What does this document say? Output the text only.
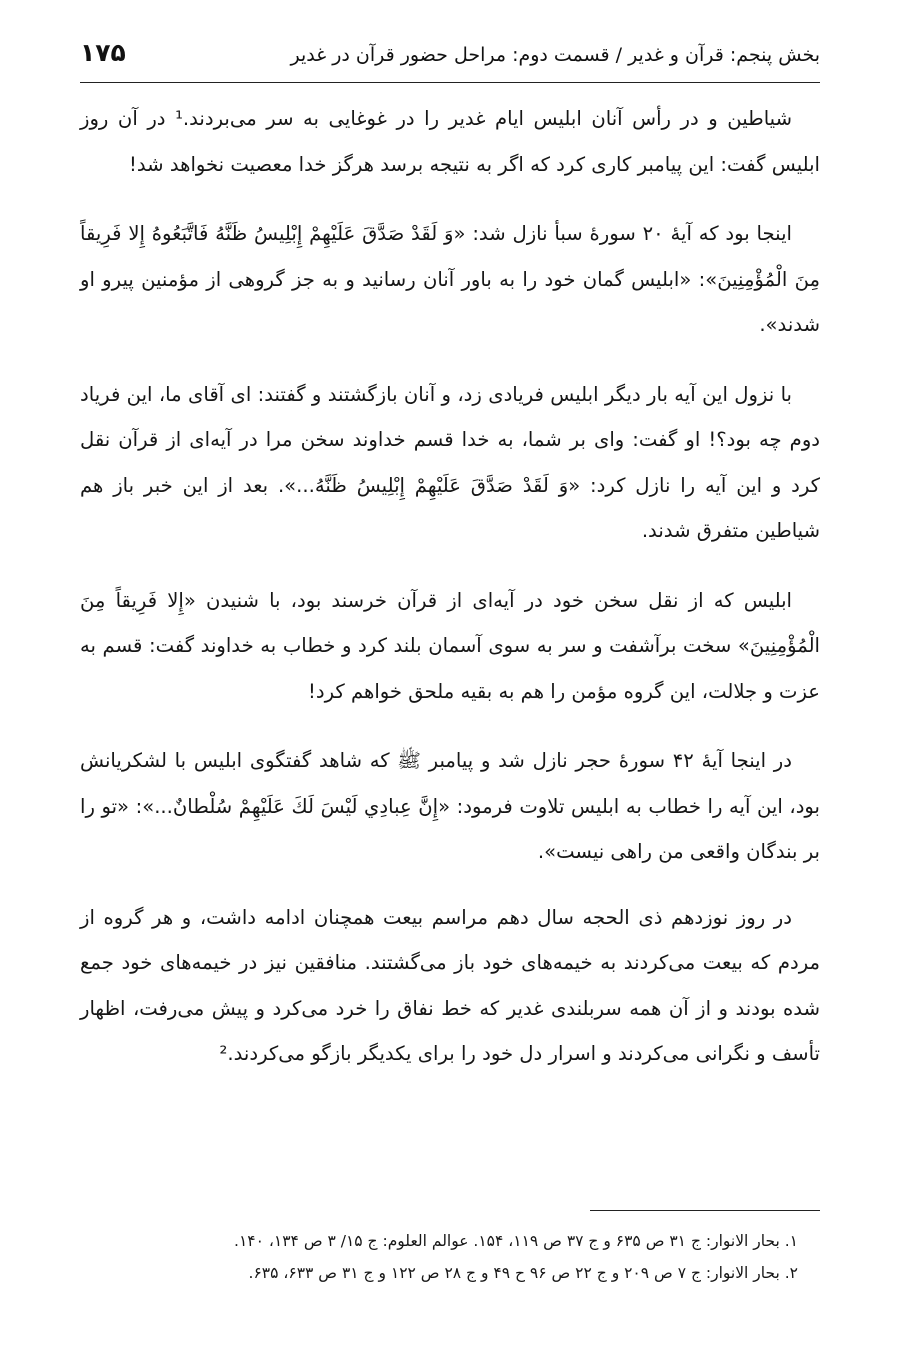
بخش پنجم: قرآن و غدیر / قسمت دوم: مراحل حضور قرآن در غدیر
۱۷۵

شیاطین و در رأس آنان ابلیس ایام غدیر را در غوغایی به سر می‌بردند.¹ در آن روز ابلیس گفت: این پیامبر کاری کرد که اگر به نتیجه برسد هرگز خدا معصیت نخواهد شد!

اینجا بود که آیهٔ ۲۰ سورهٔ سبأ نازل شد: «وَ لَقَدْ صَدَّقَ عَلَيْهِمْ إِبْلِيسُ ظَنَّهُ فَاتَّبَعُوهُ إِلا فَرِيقاً مِنَ الْمُؤْمِنِينَ»: «ابلیس گمان خود را به باور آنان رسانید و به جز گروهی از مؤمنین پیرو او شدند».

با نزول این آیه بار دیگر ابلیس فریادی زد، و آنان بازگشتند و گفتند: ای آقای ما، این فریاد دوم چه بود؟! او گفت: وای بر شما، به خدا قسم خداوند سخن مرا در آیه‌ای از قرآن نقل کرد و این آیه را نازل کرد: «وَ لَقَدْ صَدَّقَ عَلَيْهِمْ إِبْلِيسُ ظَنَّهُ...». بعد از این خبر باز هم شیاطین متفرق شدند.

ابلیس که از نقل سخن خود در آیه‌ای از قرآن خرسند بود، با شنیدن «إِلا فَرِيقاً مِنَ الْمُؤْمِنِينَ» سخت برآشفت و سر به سوی آسمان بلند کرد و خطاب به خداوند گفت: قسم به عزت و جلالت، این گروه مؤمن را هم به بقیه ملحق خواهم کرد!

در اینجا آیهٔ ۴۲ سورهٔ حجر نازل شد و پیامبر ﷺ که شاهد گفتگوی ابلیس با لشکریانش بود، این آیه را خطاب به ابلیس تلاوت فرمود: «إِنَّ عِبادِي لَيْسَ لَكَ عَلَيْهِمْ سُلْطانٌ...»: «تو را بر بندگان واقعی من راهی نیست».

در روز نوزدهم ذی الحجه سال دهم مراسم بیعت همچنان ادامه داشت، و هر گروه از مردم که بیعت می‌کردند به خیمه‌های خود باز می‌گشتند. منافقین نیز در خیمه‌های خود جمع شده بودند و از آن همه سربلندی غدیر که خط نفاق را خرد می‌کرد و پیش می‌رفت، اظهار تأسف و نگرانی می‌کردند و اسرار دل خود را برای یکدیگر بازگو می‌کردند.²

۱. بحار الانوار: ج ۳۱ ص ۶۳۵ و ج ۳۷ ص ۱۱۹، ۱۵۴. عوالم العلوم: ج ۱۵/ ۳ ص ۱۳۴، ۱۴۰.
۲. بحار الانوار: ج ۷ ص ۲۰۹ و ج ۲۲ ص ۹۶ ح ۴۹ و ج ۲۸ ص ۱۲۲ و ج ۳۱ ص ۶۳۳، ۶۳۵.
